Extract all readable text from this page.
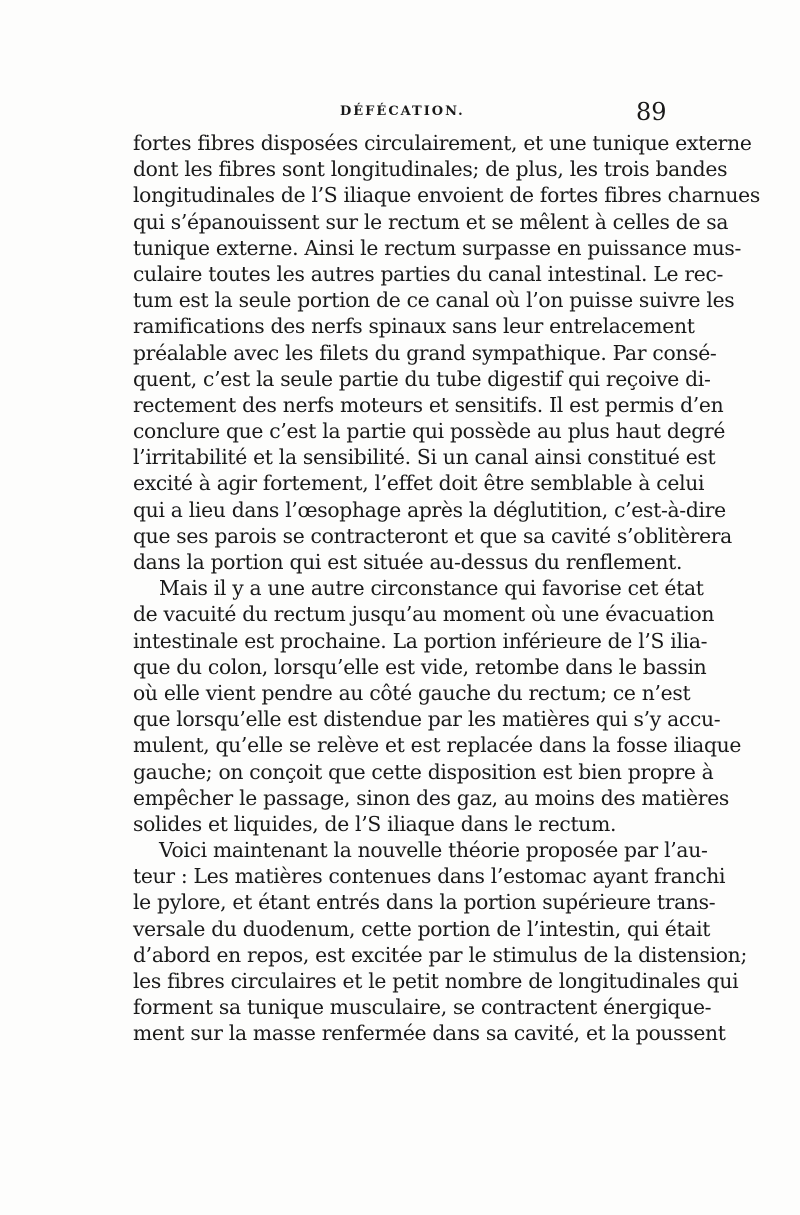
DÉFÉCATION.	89
fortes fibres disposées circulairement, et une tunique externe
dont les fibres sont longitudinales; de plus, les trois bandes
longitudinales de l’S iliaque envoient de fortes fibres charnues
qui s’épanouissent sur le rectum et se mêlent à celles de sa
tunique externe. Ainsi le rectum surpasse en puissance mus-
culaire toutes les autres parties du canal intestinal. Le rec-
tum est la seule portion de ce canal où l’on puisse suivre les
ramifications des nerfs spinaux sans leur entrelacement
préalable avec les filets du grand sympathique. Par consé-
quent, c’est la seule partie du tube digestif qui reçoive di-
rectement des nerfs moteurs et sensitifs. Il est permis d’en
conclure que c’est la partie qui possède au plus haut degré
l’irritabilité et la sensibilité. Si un canal ainsi constitué est
excité à agir fortement, l’effet doit être semblable à celui
qui a lieu dans l’œsophage après la déglutition, c’est-à-dire
que ses parois se contracteront et que sa cavité s’oblitèrera
dans la portion qui est située au-dessus du renflement.
Mais il y a une autre circonstance qui favorise cet état
de vacuité du rectum jusqu’au moment où une évacuation
intestinale est prochaine. La portion inférieure de l’S ilia-
que du colon, lorsqu’elle est vide, retombe dans le bassin
où elle vient pendre au côté gauche du rectum; ce n’est
que lorsqu’elle est distendue par les matières qui s’y accu-
mulent, qu’elle se relève et est replacée dans la fosse iliaque
gauche; on conçoit que cette disposition est bien propre à
empêcher le passage, sinon des gaz, au moins des matières
solides et liquides, de l’S iliaque dans le rectum.
Voici maintenant la nouvelle théorie proposée par l’au-
teur : Les matières contenues dans l’estomac ayant franchi
le pylore, et étant entrés dans la portion supérieure trans-
versale du duodenum, cette portion de l’intestin, qui était
d’abord en repos, est excitée par le stimulus de la distension;
les fibres circulaires et le petit nombre de longitudinales qui
forment sa tunique musculaire, se contractent énergique-
ment sur la masse renfermée dans sa cavité, et la poussent
